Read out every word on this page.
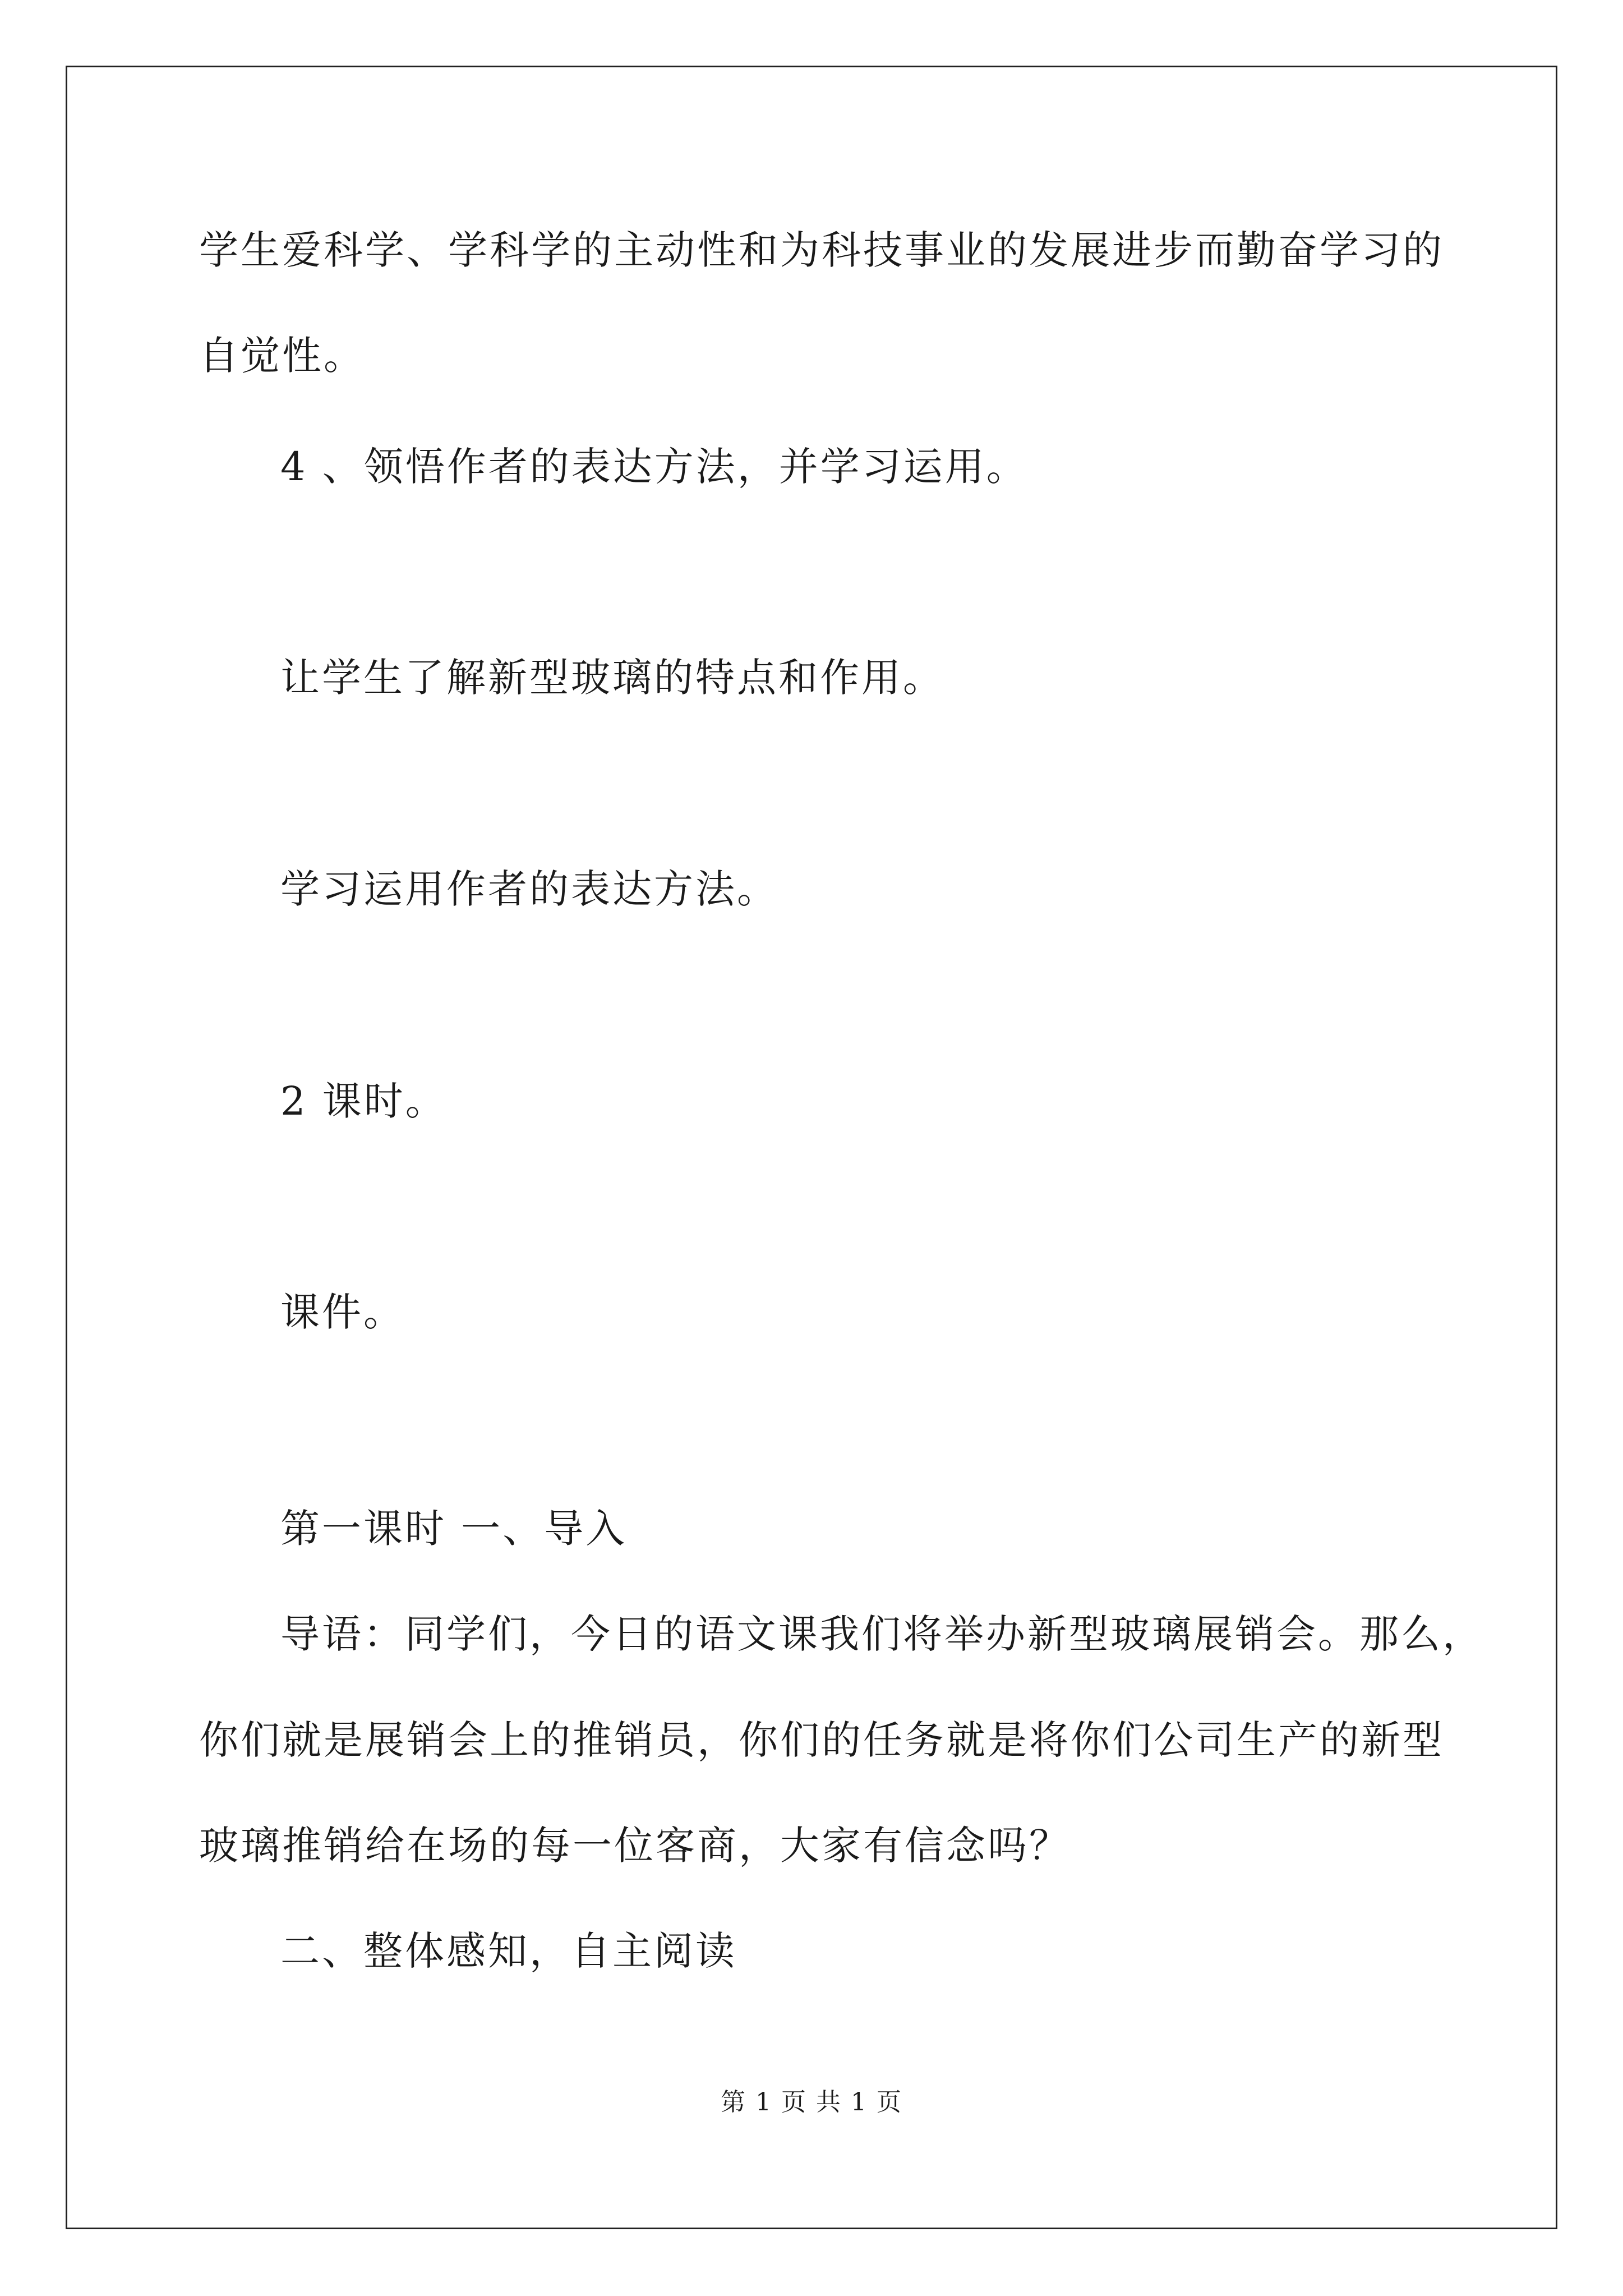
学生爱科学、学科学的主动性和为科技事业的发展进步而勤奋学习的
自觉性。
4 、领悟作者的表达方法，并学习运用。
让学生了解新型玻璃的特点和作用。
学习运用作者的表达方法。
2 课时。
课件。
第一课时 一、导入
导语：同学们，今日的语文课我们将举办新型玻璃展销会。那么，
你们就是展销会上的推销员，你们的任务就是将你们公司生产的新型
玻璃推销给在场的每一位客商，大家有信念吗？
二、整体感知，自主阅读
第 1 页 共 1 页
